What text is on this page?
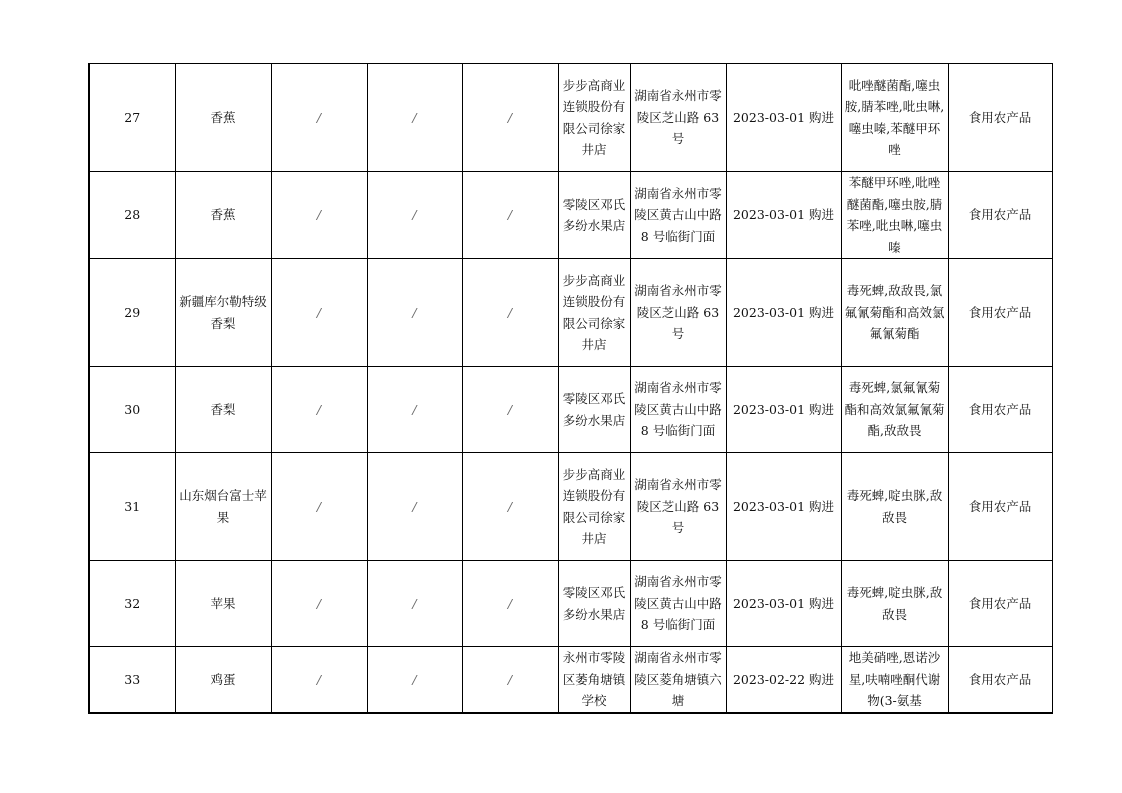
27	香蕉	/	/	/	步步高商业连锁股份有限公司徐家井店	湖南省永州市零陵区芝山路 63 号	2023-03-01 购进	吡唑醚菌酯,噻虫胺,腈苯唑,吡虫啉,噻虫嗪,苯醚甲环唑	食用农产品
28	香蕉	/	/	/	零陵区邓氏多纷水果店	湖南省永州市零陵区黄古山中路 8 号临街门面	2023-03-01 购进	苯醚甲环唑,吡唑醚菌酯,噻虫胺,腈苯唑,吡虫啉,噻虫嗪	食用农产品
29	新疆库尔勒特级香梨	/	/	/	步步高商业连锁股份有限公司徐家井店	湖南省永州市零陵区芝山路 63 号	2023-03-01 购进	毒死蜱,敌敌畏,氯氟氰菊酯和高效氯氟氰菊酯	食用农产品
30	香梨	/	/	/	零陵区邓氏多纷水果店	湖南省永州市零陵区黄古山中路 8 号临街门面	2023-03-01 购进	毒死蜱,氯氟氰菊酯和高效氯氟氰菊酯,敌敌畏	食用农产品
31	山东烟台富士苹果	/	/	/	步步高商业连锁股份有限公司徐家井店	湖南省永州市零陵区芝山路 63 号	2023-03-01 购进	毒死蜱,啶虫脒,敌敌畏	食用农产品
32	苹果	/	/	/	零陵区邓氏多纷水果店	湖南省永州市零陵区黄古山中路 8 号临街门面	2023-03-01 购进	毒死蜱,啶虫脒,敌敌畏	食用农产品
33	鸡蛋	/	/	/	永州市零陵区萎角塘镇学校	湖南省永州市零陵区菱角塘镇六塘	2023-02-22 购进	地美硝唑,恩诺沙星,呋喃唑酮代谢物(3-氨基	食用农产品
